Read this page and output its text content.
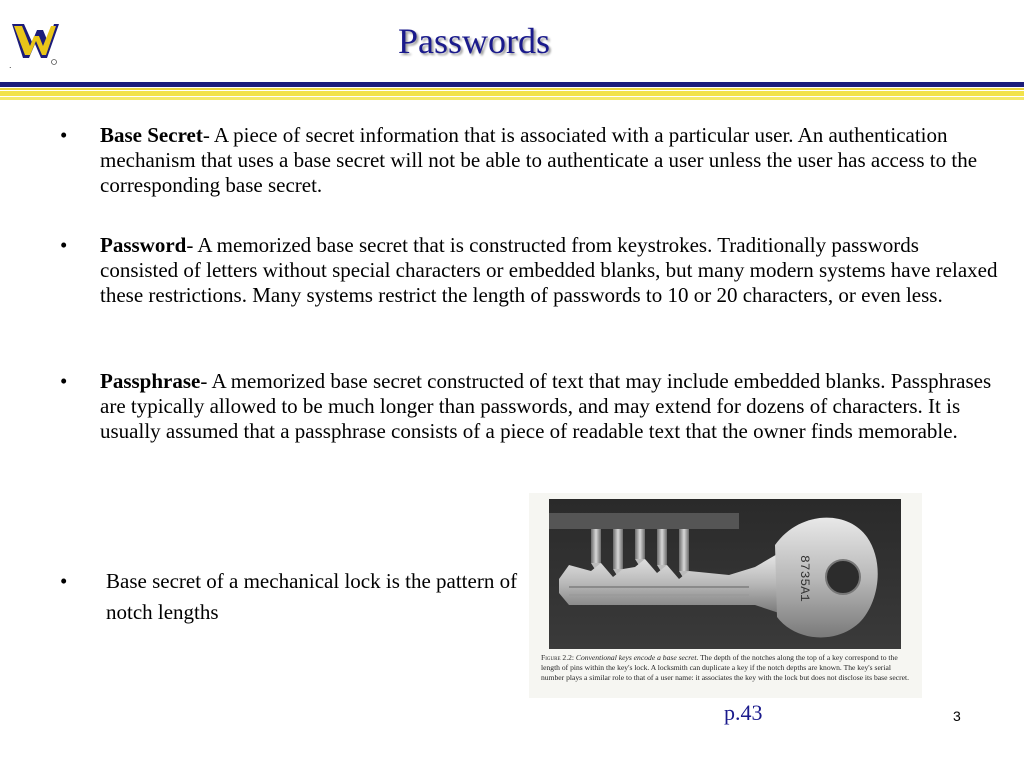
.
Passwords
• Base Secret- A piece of secret information that is associated with a particular user. An authentication mechanism that uses a base secret will not be able to authenticate a user unless the user has access to the corresponding base secret.
• Password- A memorized base secret that is constructed from keystrokes. Traditionally passwords consisted of letters without special characters or embedded blanks, but many modern systems have relaxed these restrictions. Many systems restrict the length of passwords to 10 or 20 characters, or even less.
• Passphrase- A memorized base secret constructed of text that may include embedded blanks. Passphrases are typically allowed to be much longer than passwords, and may extend for dozens of characters. It is usually assumed that a passphrase consists of a piece of readable text that the owner finds memorable.
• Base secret of a mechanical lock is the pattern of notch lengths
8735A1
Figure 2.2: Conventional keys encode a base secret. The depth of the notches along the top of a key correspond to the length of pins within the key's lock. A locksmith can duplicate a key if the notch depths are known. The key's serial number plays a similar role to that of a user name: it associates the key with the lock but does not disclose its base secret.
p.43	3
